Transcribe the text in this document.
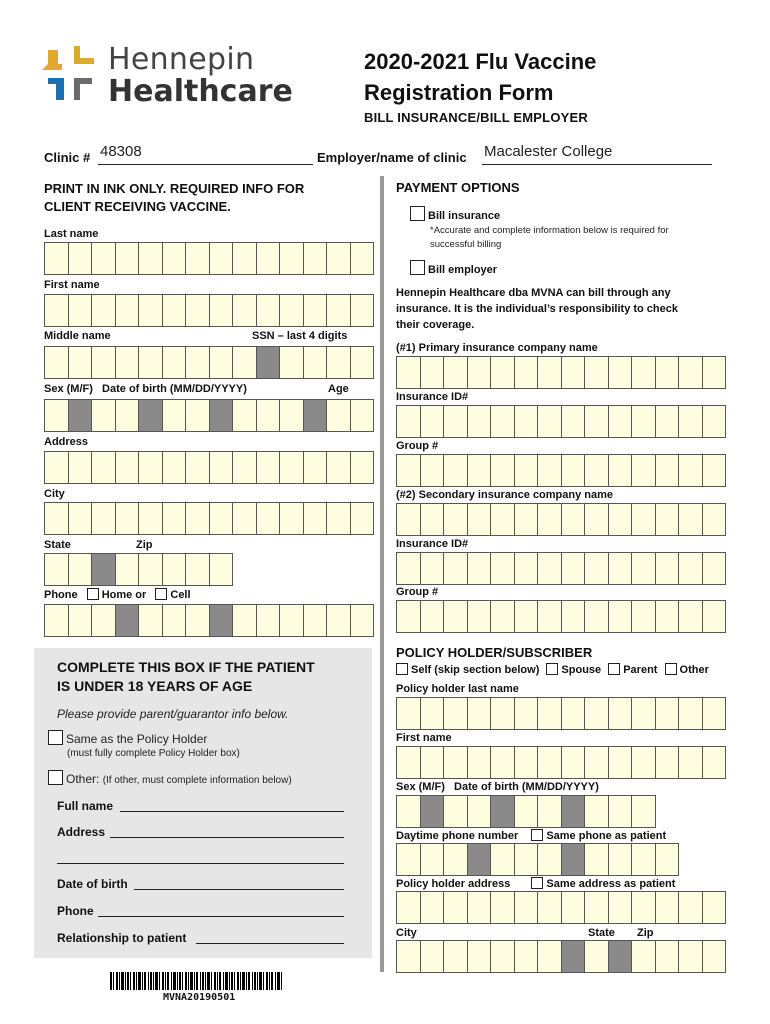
Hennepin
Healthcare
2020-2021 Flu Vaccine
Registration Form
BILL INSURANCE/BILL EMPLOYER
Clinic # 48308	Employer/name of clinic Macalester College
PRINT IN INK ONLY. REQUIRED INFO FOR
CLIENT RECEIVING VACCINE.
Last name
First name
Middle name	SSN – last 4 digits
Sex (M/F)   Date of birth (MM/DD/YYYY)	Age
Address
City
State	Zip
Phone Home or Cell
COMPLETE THIS BOX IF THE PATIENT
IS UNDER 18 YEARS OF AGE
Please provide parent/guarantor info below.
Same as the Policy Holder
(must fully complete Policy Holder box)
Other: (If other, must complete information below)
Full name
Address
Date of birth
Phone
Relationship to patient
MVNA20190501
PAYMENT OPTIONS
Bill insurance
*Accurate and complete information below is required for
successful billing
Bill employer
Hennepin Healthcare dba MVNA can bill through any
insurance. It is the individual’s responsibility to check
their coverage.
(#1) Primary insurance company name
Insurance ID#
Group #
(#2) Secondary insurance company name
Insurance ID#
Group #
POLICY HOLDER/SUBSCRIBER
Self (skip section below) Spouse Parent Other
Policy holder last name
First name
Sex (M/F)   Date of birth (MM/DD/YYYY)
Daytime phone number	Same phone as patient
Policy holder address	Same address as patient
City	State Zip
